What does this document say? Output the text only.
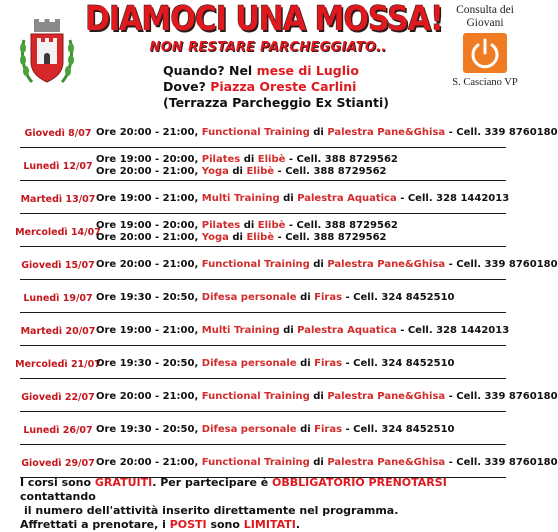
DIAMOCI UNA MOSSA!
NON RESTARE PARCHEGGIATO..
Quando? Nel mese di Luglio
Dove? Piazza Oreste Carlini
(Terrazza Parcheggio Ex Stianti)
Consulta dei Giovani
S. Casciano VP
Giovedì 8/07 Ore 20:00 - 21:00, Functional Training di Palestra Pane&Ghisa - Cell. 339 8760180
Lunedì 12/07
Ore 19:00 - 20:00, Pilates di Elibè - Cell. 388 8729562
Ore 20:00 - 21:00, Yoga di Elibè - Cell. 388 8729562
Martedì 13/07 Ore 19:00 - 21:00, Multi Training di Palestra Aquatica - Cell. 328 1442013
Mercoledì 14/07
Ore 19:00 - 20:00, Pilates di Elibè - Cell. 388 8729562
Ore 20:00 - 21:00, Yoga di Elibè - Cell. 388 8729562
Giovedì 15/07 Ore 20:00 - 21:00, Functional Training di Palestra Pane&Ghisa - Cell. 339 8760180
Lunedì 19/07 Ore 19:30 - 20:50, Difesa personale di Firas - Cell. 324 8452510
Martedì 20/07 Ore 19:00 - 21:00, Multi Training di Palestra Aquatica - Cell. 328 1442013
Mercoledì 21/07
Ore 19:30 - 20:50, Difesa personale di Firas - Cell. 324 8452510
Giovedì 22/07 Ore 20:00 - 21:00, Functional Training di Palestra Pane&Ghisa - Cell. 339 8760180
Lunedì 26/07 Ore 19:30 - 20:50, Difesa personale di Firas - Cell. 324 8452510
Giovedì 29/07 Ore 20:00 - 21:00, Functional Training di Palestra Pane&Ghisa - Cell. 339 8760180
I corsi sono GRATUITI. Per partecipare è OBBLIGATORIO PRENOTARSI contattando
il numero dell'attività inserito direttamente nel programma.
Affrettati a prenotare, i POSTI sono LIMITATI.
